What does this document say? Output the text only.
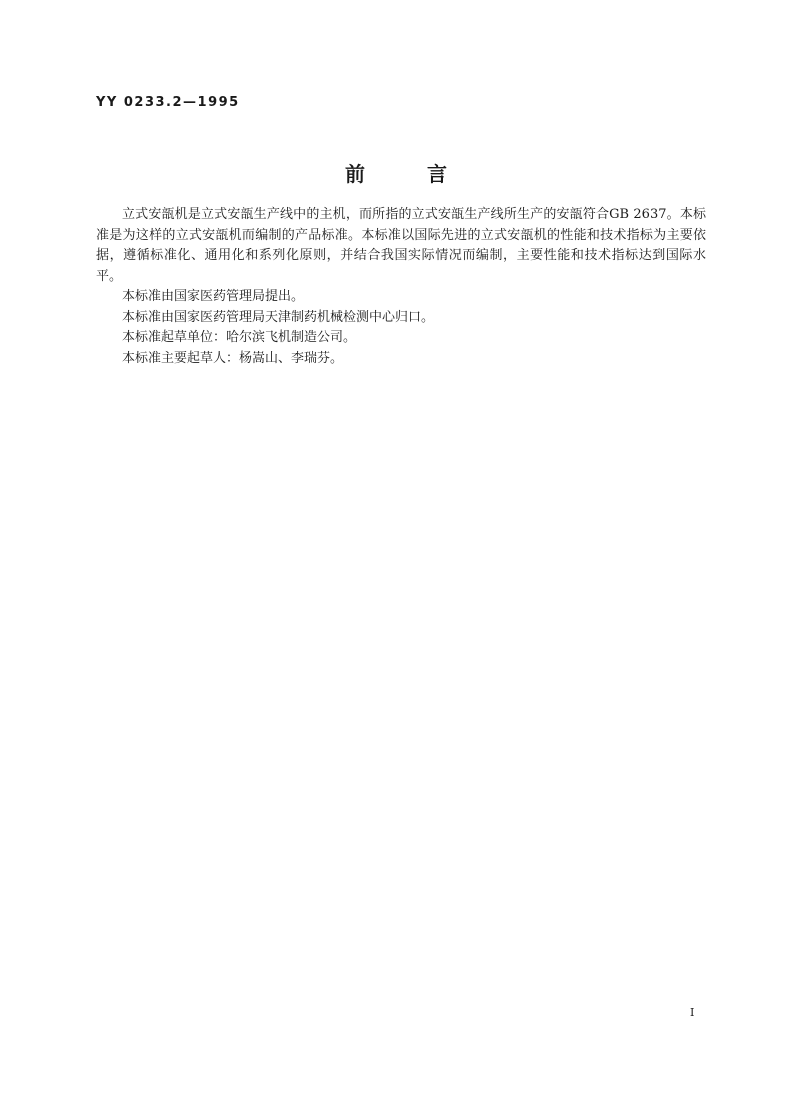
YY 0233.2—1995
前	言

立式安瓿机是立式安瓿生产线中的主机，而所指的立式安瓿生产线所生产的安瓿符合GB 2637。本标准是为这样的立式安瓿机而编制的产品标准。本标准以国际先进的立式安瓿机的性能和技术指标为主要依据，遵循标准化、通用化和系列化原则，并结合我国实际情况而编制，主要性能和技术指标达到国际水平。

本标准由国家医药管理局提出。

本标准由国家医药管理局天津制药机械检测中心归口。

本标准起草单位：哈尔滨飞机制造公司。

本标准主要起草人：杨嵩山、李瑞芬。

I
